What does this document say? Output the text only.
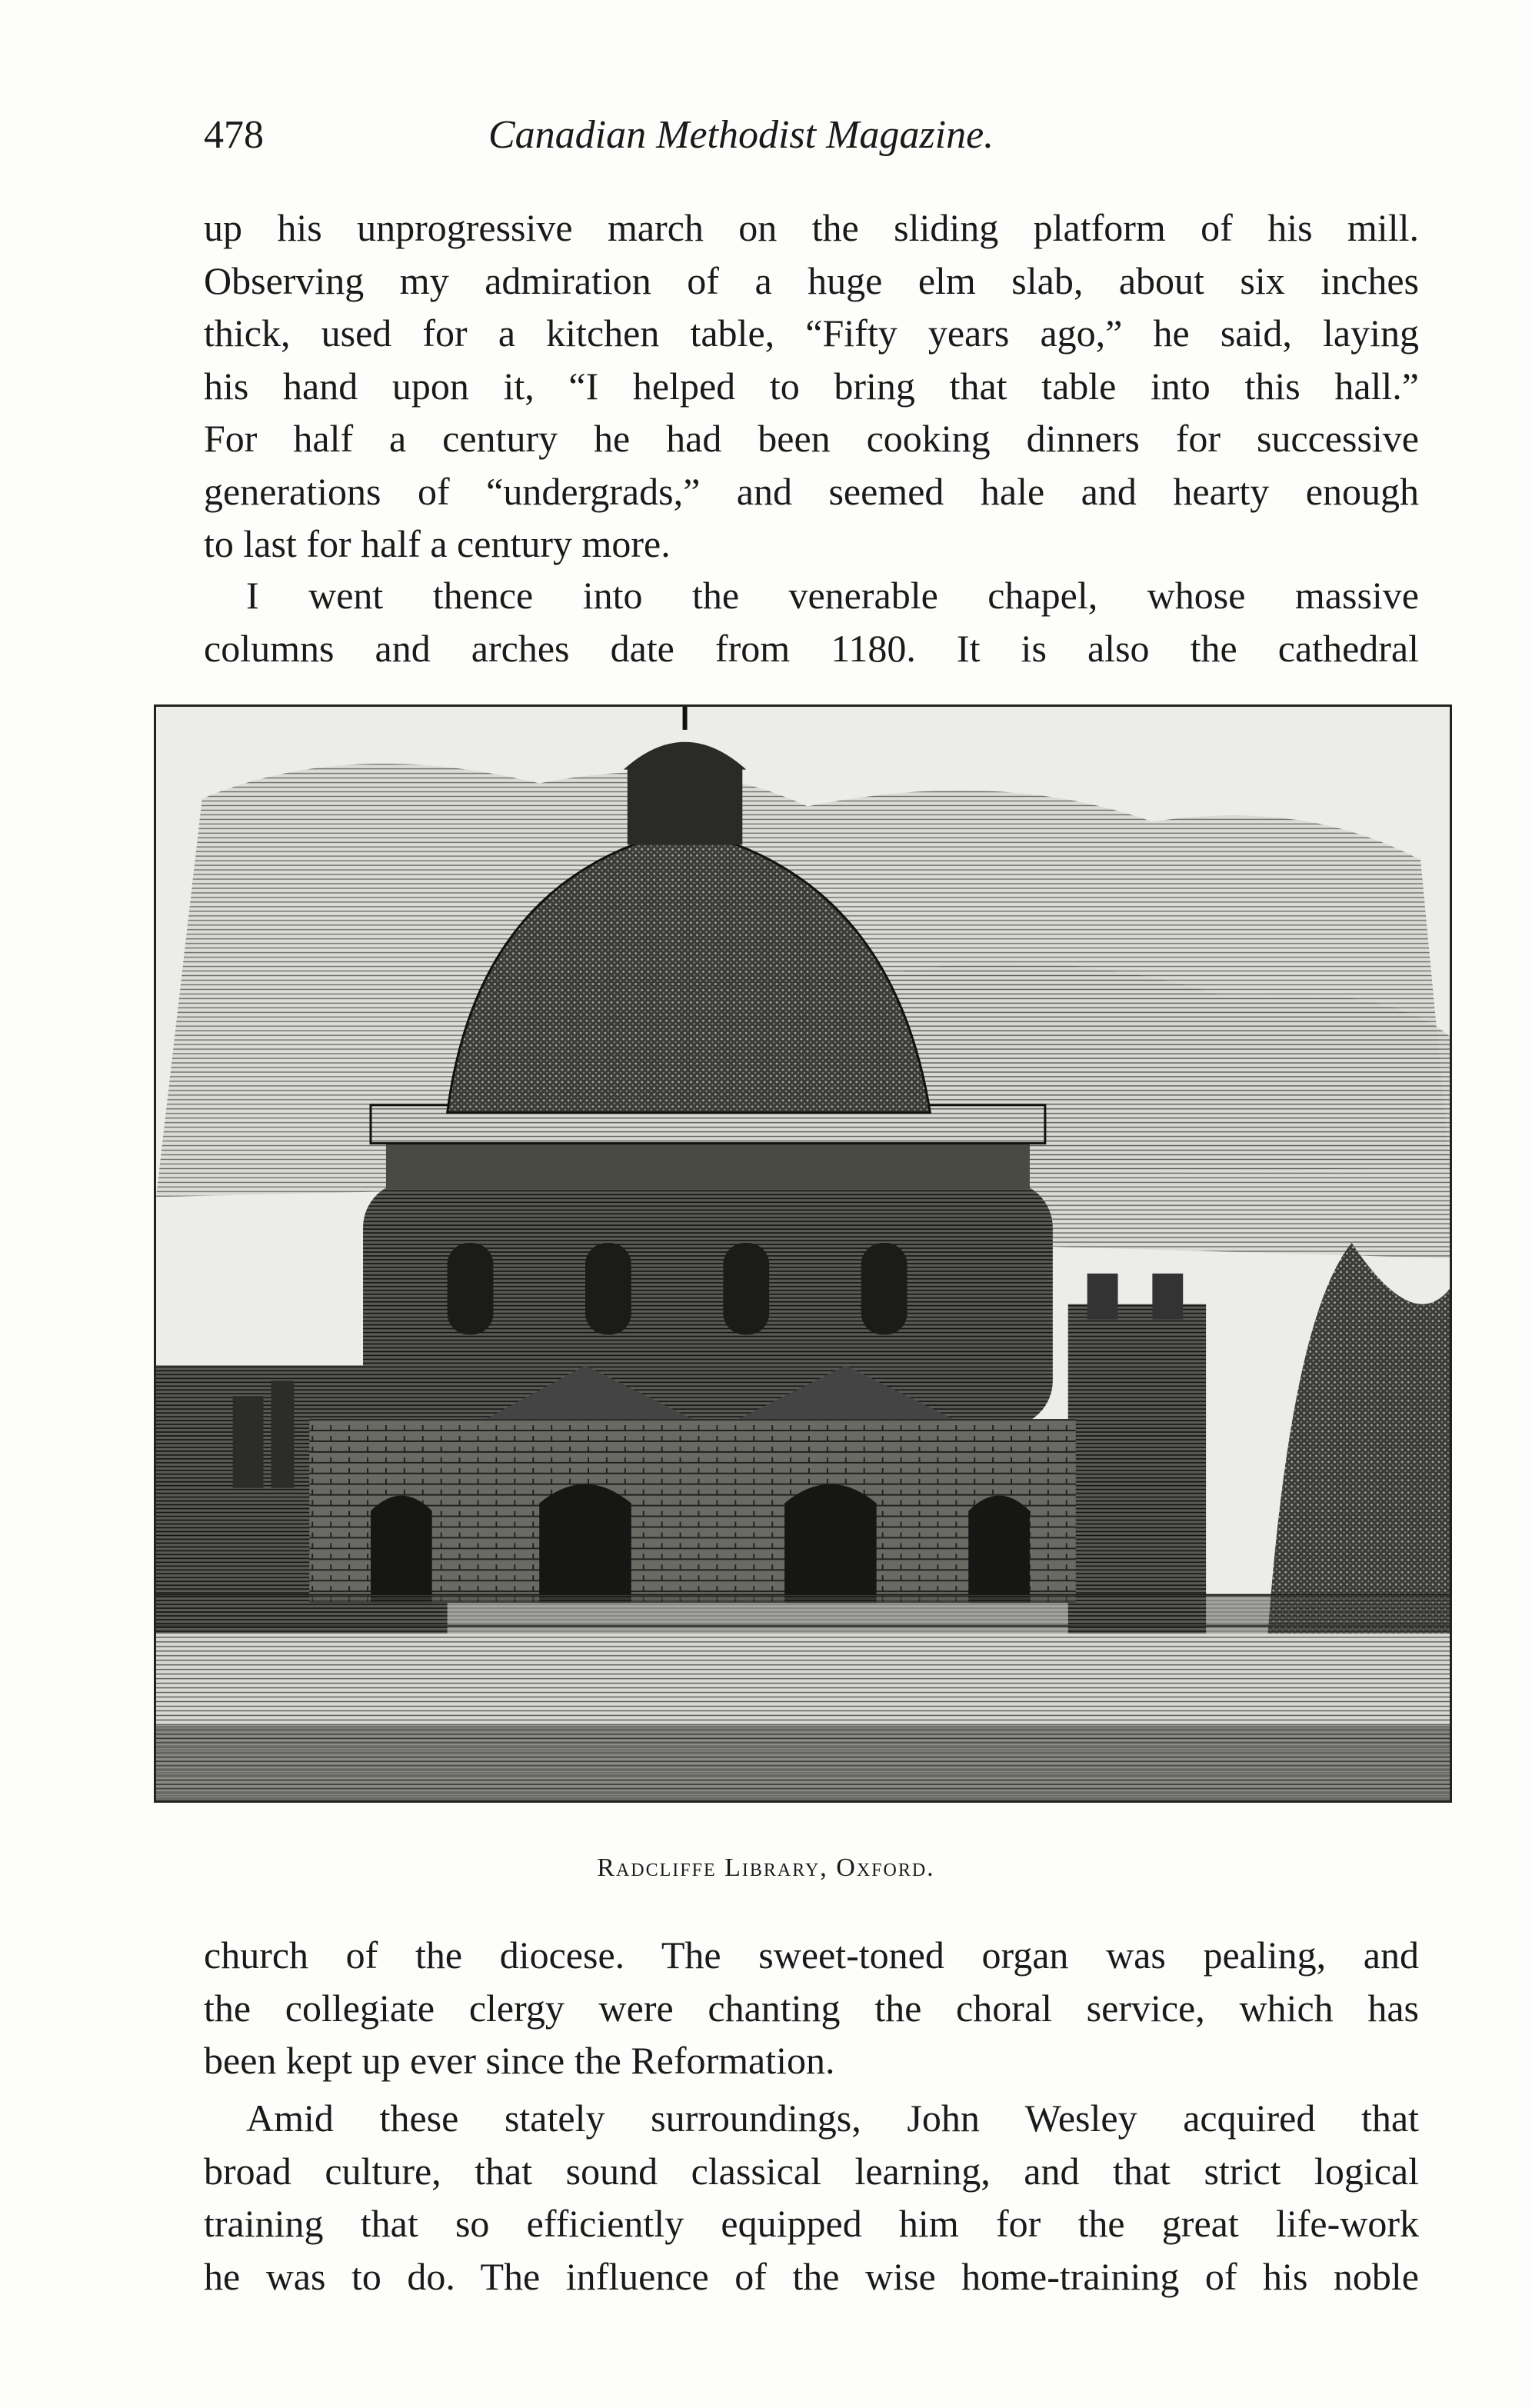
478	Canadian Methodist Magazine.
up his unprogressive march on the sliding platform of his mill.
Observing my admiration of a huge elm slab, about six inches
thick, used for a kitchen table, “Fifty years ago,” he said, laying
his hand upon it, “I helped to bring that table into this hall.”
For half a century he had been cooking dinners for successive
generations of “undergrads,” and seemed hale and hearty enough
to last for half a century more.
I went thence into the venerable chapel, whose massive
columns and arches date from 1180. It is also the cathedral
Radcliffe Library, Oxford.
church of the diocese. The sweet-toned organ was pealing, and
the collegiate clergy were chanting the choral service, which has
been kept up ever since the Reformation.
Amid these stately surroundings, John Wesley acquired that
broad culture, that sound classical learning, and that strict logical
training that so efficiently equipped him for the great life-work
he was to do. The influence of the wise home-training of his noble
